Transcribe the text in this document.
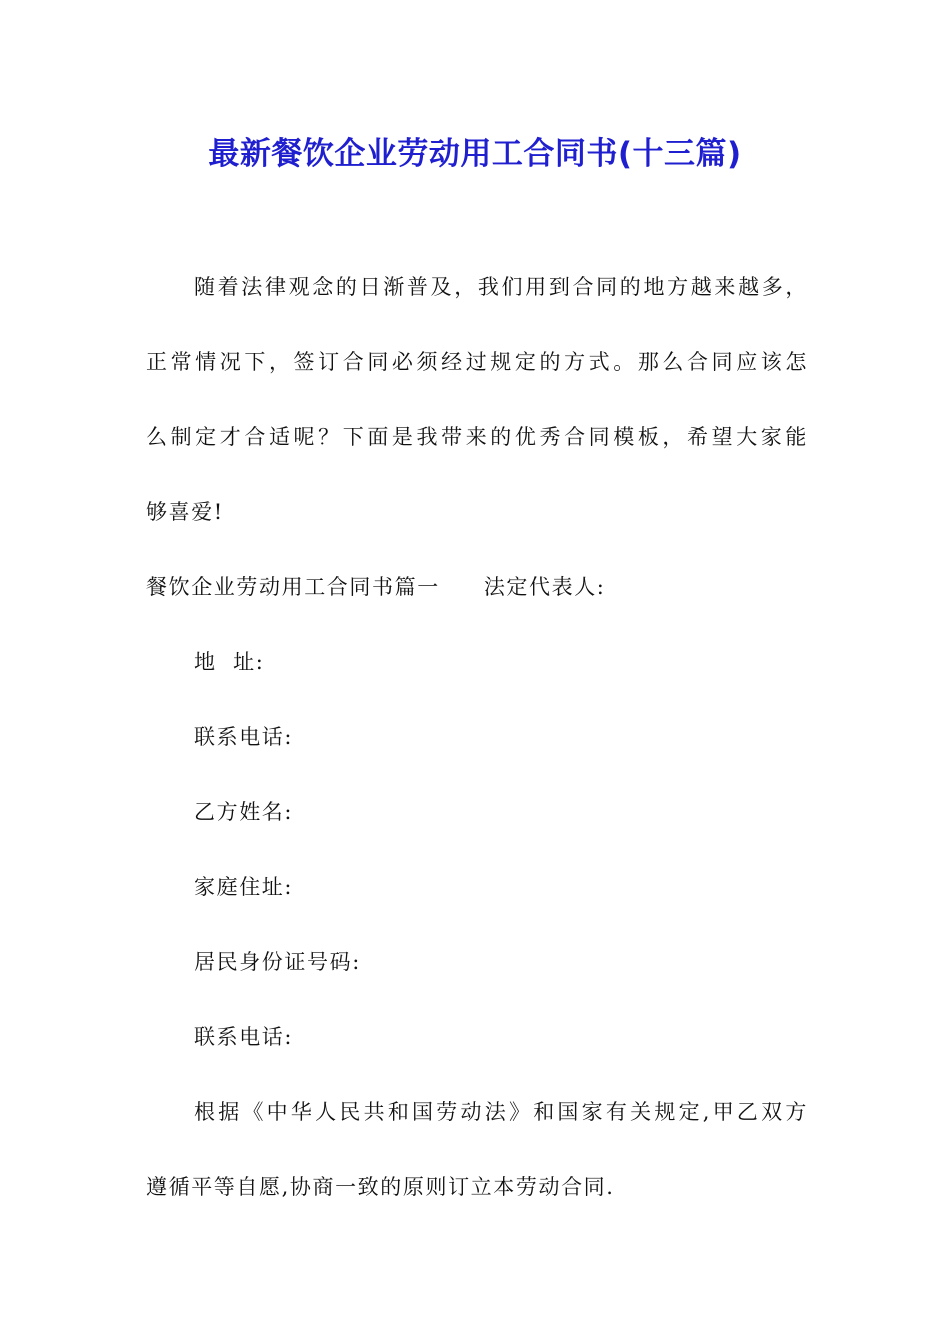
最新餐饮企业劳动用工合同书(十三篇)

随着法律观念的日渐普及，我们用到合同的地方越来越多，

正常情况下，签订合同必须经过规定的方式。那么合同应该怎

么制定才合适呢？下面是我带来的优秀合同模板，希望大家能

够喜爱!

餐饮企业劳动用工合同书篇一 法定代表人:

地  址:

联系电话:

乙方姓名:

家庭住址:

居民身份证号码:

联系电话:

根据《中华人民共和国劳动法》和国家有关规定,甲乙双方

遵循平等自愿,协商一致的原则订立本劳动合同.
